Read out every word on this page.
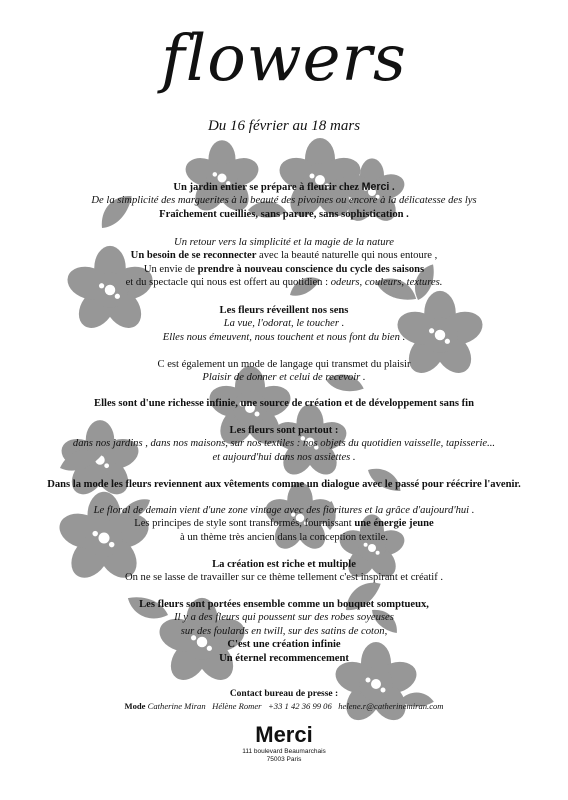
flowers
Du 16 février au 18 mars
Un jardin entier se prépare à fleurir chez Merci .
De la simplicité des marguerites à la beauté des pivoines ou encore à la délicatesse des lys
Fraîchement cueillies, sans parure, sans sophistication .
Un retour vers la simplicité et la magie de la nature
Un besoin de se reconnecter avec la beauté naturelle qui nous entoure ,
Un envie de prendre à nouveau conscience du cycle des saisons
et du spectacle qui nous est offert au quotidien : odeurs, couleurs, textures.
Les fleurs réveillent nos sens
La vue, l'odorat, le toucher .
Elles nous émeuvent, nous touchent et nous font du bien .
C est également un mode de langage qui transmet du plaisir
Plaisir de donner et celui de recevoir .
Elles sont d'une richesse infinie, une source de création et de développement sans fin
Les fleurs sont partout :
dans nos jardins , dans nos maisons, sur nos textiles : nos objets du quotidien vaisselle, tapisserie...
et aujourd'hui dans nos assiettes .
Dans la mode les fleurs reviennent aux vêtements comme un dialogue avec le passé pour réécrire l'avenir.
Le floral de demain vient d'une zone vintage avec des fioritures et la grâce d'aujourd'hui .
Les principes de style sont transformés, fournissant une énergie jeune
à un thème très ancien dans la conception textile.
La création est riche et multiple
On ne se lasse de travailler sur ce thème tellement c'est inspirant et créatif .
Les fleurs sont portées ensemble comme un bouquet somptueux,
Il y a des fleurs qui poussent sur des robes soyeuses
sur des foulards en twill, sur des satins de coton,
C'est une création infinie
Un éternel recommencement
Contact bureau de presse :
Mode Catherine Miran Hélène Romer +33 1 42 36 99 06 helene.r@catherinemiran.com
Merci
111 boulevard Beaumarchais
75003 Paris
